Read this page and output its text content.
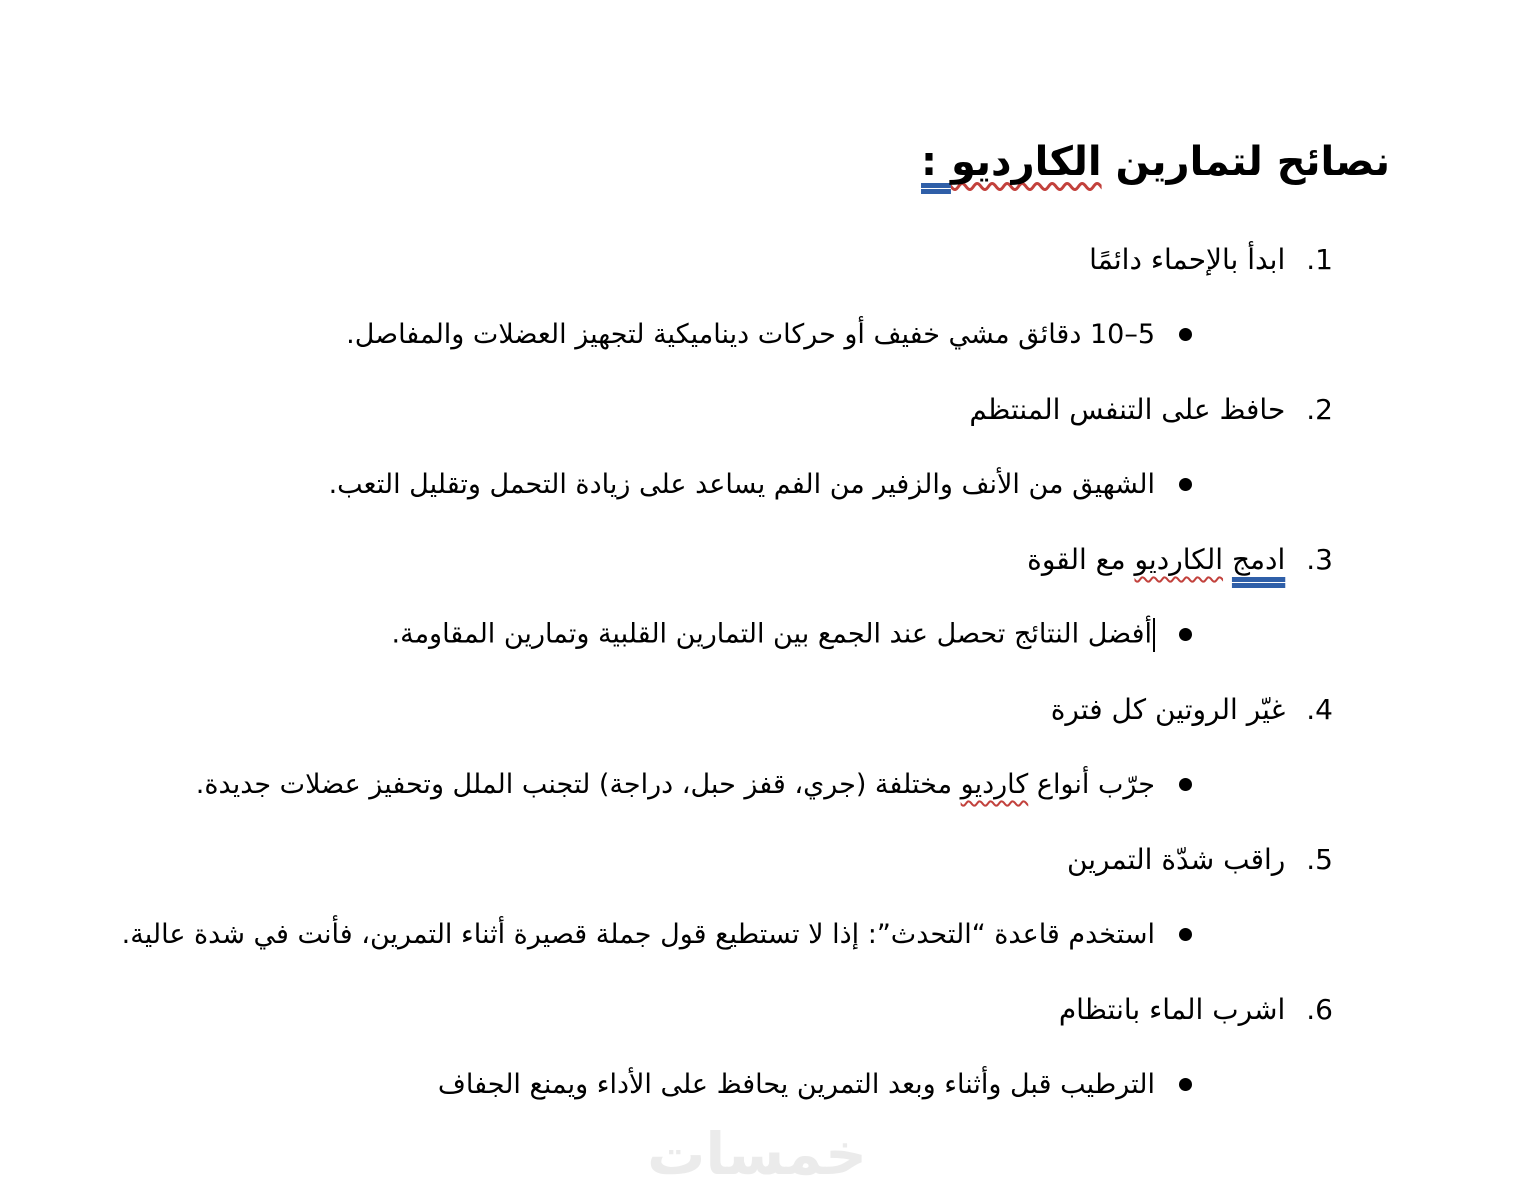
نصائح لتمارين الكارديو :
1.
ابدأ بالإحماء دائمًا
5–10 دقائق مشي خفيف أو حركات ديناميكية لتجهيز العضلات والمفاصل.
2.
حافظ على التنفس المنتظم
الشهيق من الأنف والزفير من الفم يساعد على زيادة التحمل وتقليل التعب.
3.
ادمج الكارديو مع القوة
أفضل النتائج تحصل عند الجمع بين التمارين القلبية وتمارين المقاومة.
4.
غيّر الروتين كل فترة
جرّب أنواع كارديو مختلفة (جري، قفز حبل، دراجة) لتجنب الملل وتحفيز عضلات جديدة.
5.
راقب شدّة التمرين
استخدم قاعدة “التحدث”: إذا لا تستطيع قول جملة قصيرة أثناء التمرين، فأنت في شدة عالية.
6.
اشرب الماء بانتظام
الترطيب قبل وأثناء وبعد التمرين يحافظ على الأداء ويمنع الجفاف
خمسات
